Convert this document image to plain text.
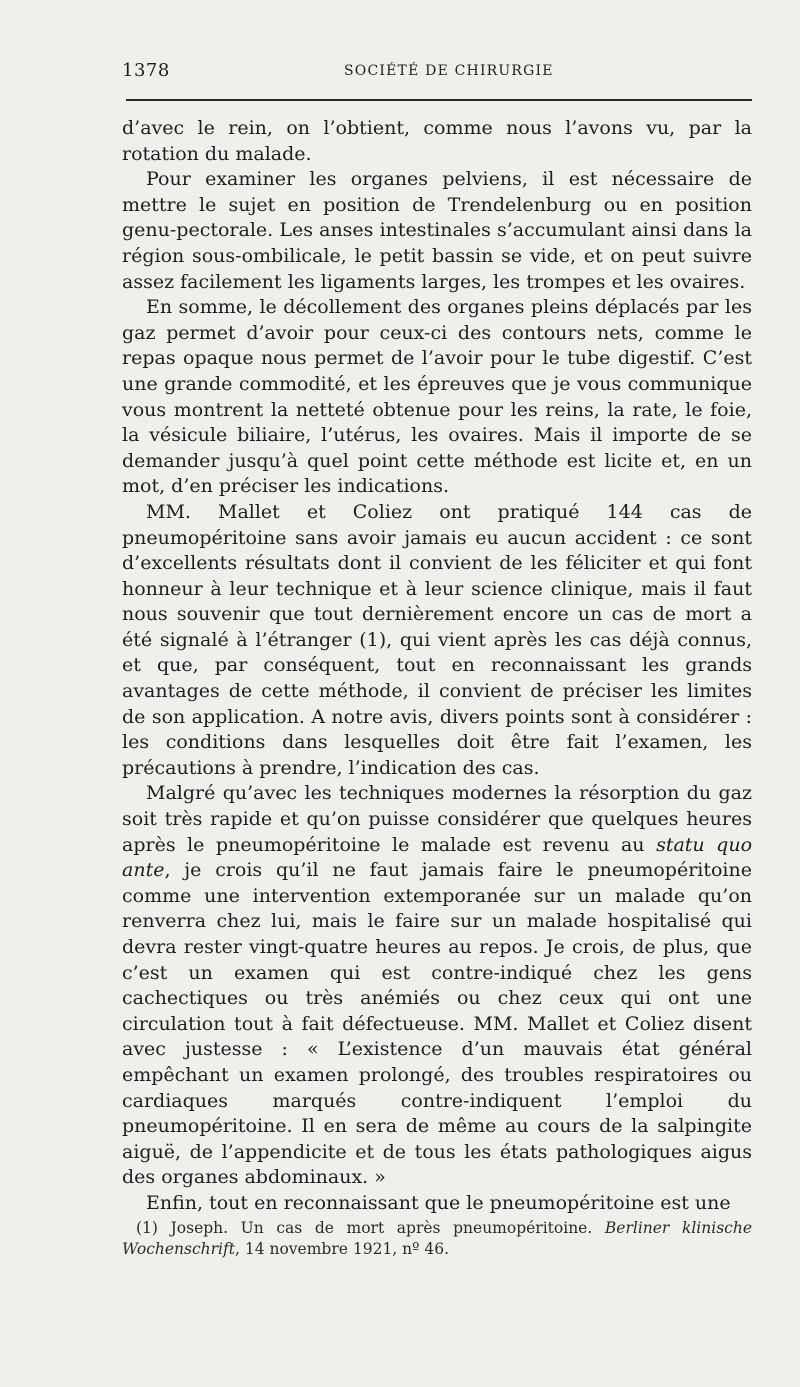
1378	SOCIÉTÉ DE CHIRURGIE

d’avec le rein, on l’obtient, comme nous l’avons vu, par la rotation du malade.

Pour examiner les organes pelviens, il est nécessaire de mettre le sujet en position de Trendelenburg ou en position genu-pectorale. Les anses intestinales s’accumulant ainsi dans la région sous-ombilicale, le petit bassin se vide, et on peut suivre assez facilement les ligaments larges, les trompes et les ovaires.

En somme, le décollement des organes pleins déplacés par les gaz permet d’avoir pour ceux-ci des contours nets, comme le repas opaque nous permet de l’avoir pour le tube digestif. C’est une grande commodité, et les épreuves que je vous communique vous montrent la netteté obtenue pour les reins, la rate, le foie, la vésicule biliaire, l’utérus, les ovaires. Mais il importe de se demander jusqu’à quel point cette méthode est licite et, en un mot, d’en préciser les indications.

MM. Mallet et Coliez ont pratiqué 144 cas de pneumopéritoine sans avoir jamais eu aucun accident : ce sont d’excellents résultats dont il convient de les féliciter et qui font honneur à leur technique et à leur science clinique, mais il faut nous souvenir que tout dernièrement encore un cas de mort a été signalé à l’étranger (1), qui vient après les cas déjà connus, et que, par conséquent, tout en reconnaissant les grands avantages de cette méthode, il convient de préciser les limites de son application. A notre avis, divers points sont à considérer : les conditions dans lesquelles doit être fait l’examen, les précautions à prendre, l’indication des cas.

Malgré qu’avec les techniques modernes la résorption du gaz soit très rapide et qu’on puisse considérer que quelques heures après le pneumopéritoine le malade est revenu au statu quo ante, je crois qu’il ne faut jamais faire le pneumopéritoine comme une intervention extemporanée sur un malade qu’on renverra chez lui, mais le faire sur un malade hospitalisé qui devra rester vingt-quatre heures au repos. Je crois, de plus, que c’est un examen qui est contre-indiqué chez les gens cachectiques ou très anémiés ou chez ceux qui ont une circulation tout à fait défectueuse. MM. Mallet et Coliez disent avec justesse : « L’existence d’un mauvais état général empêchant un examen prolongé, des troubles respiratoires ou cardiaques marqués contre-indiquent l’emploi du pneumopéritoine. Il en sera de même au cours de la salpingite aiguë, de l’appendicite et de tous les états pathologiques aigus des organes abdominaux. »

Enfin, tout en reconnaissant que le pneumopéritoine est une

(1) Joseph. Un cas de mort après pneumopéritoine. Berliner klinische Wochenschrift, 14 novembre 1921, nº 46.
